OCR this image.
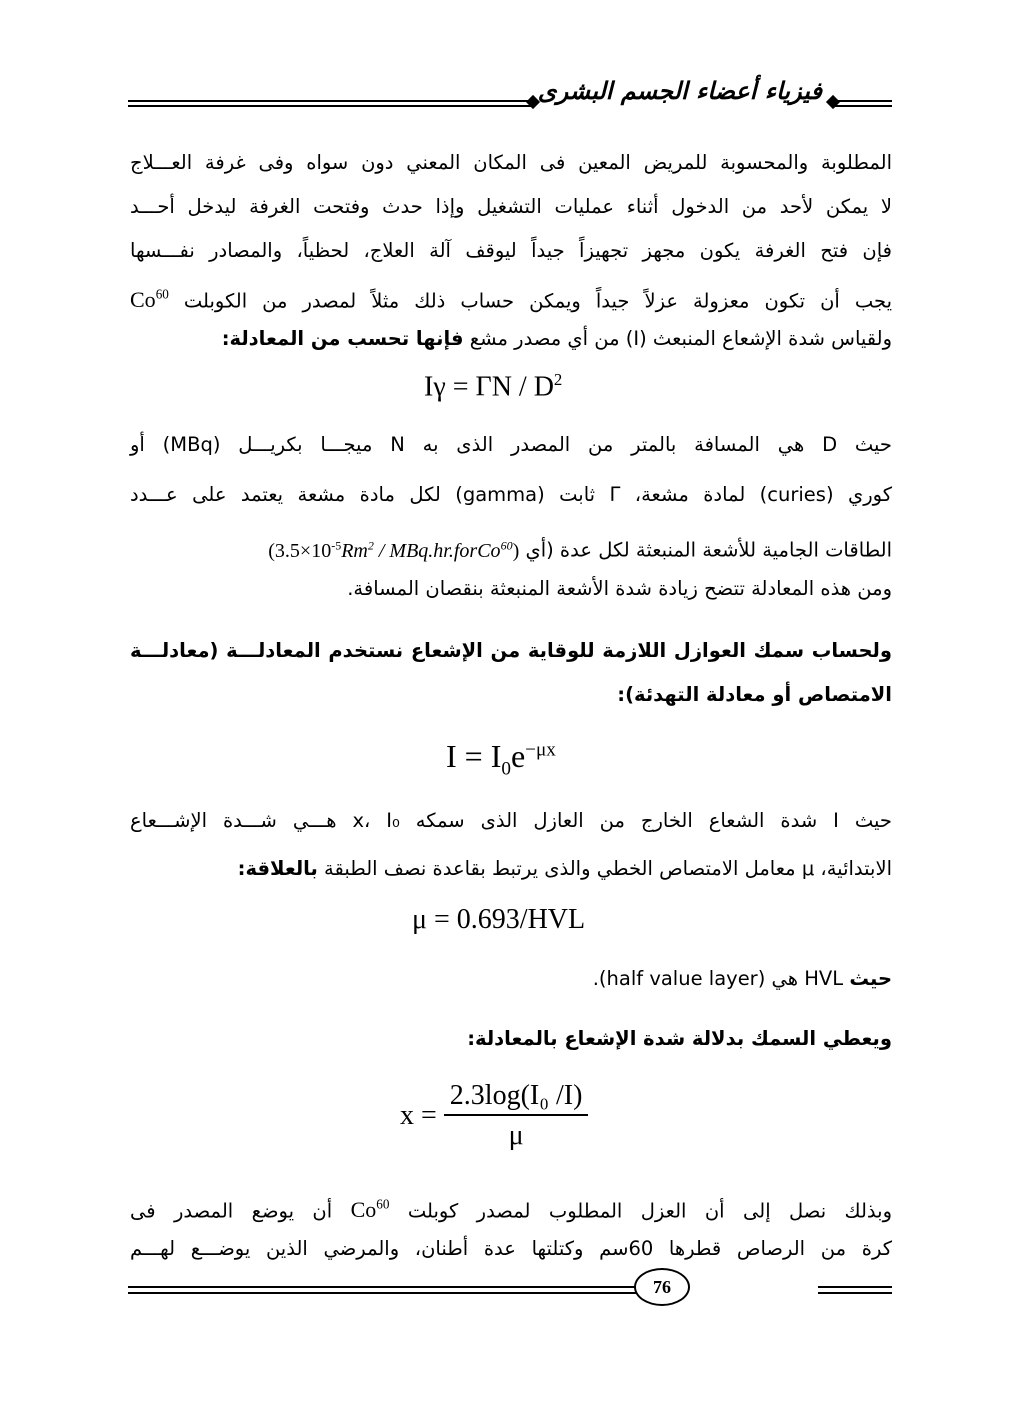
فيزياء أعضاء الجسم البشرى
المطلوبة والمحسوبة للمريض المعين فى المكان المعني دون سواه وفى غرفة العـــلاج
لا يمكن لأحد من الدخول أثناء عمليات التشغيل وإذا حدث وفتحت الغرفة ليدخل أحـــد
فإن فتح الغرفة يكون مجهز تجهيزاً جيداً ليوقف آلة العلاج، لحظياً، والمصادر نفـــسها
يجب أن تكون معزولة عزلاً جيداً ويمكن حساب ذلك مثلاً لمصدر من الكوبلت Co$^{60}$
ولقياس شدة الإشعاع المنبعث (I) من أي مصدر مشع فإنها تحسب من المعادلة:
$I\gamma = \Gamma N / D^2$
حيث D هي المسافة بالمتر من المصدر الذى به N ميجـــا بكريـــل (MBq) أو
كوري (curies) لمادة مشعة، Γ ثابت (gamma) لكل مادة مشعة يعتمد على عـــدد
الطاقات الجامية للأشعة المنبعثة لكل عدة (أي ($3.5\times 10^{-5}Rm^2$ / MBq.hr.forCo$^{60}$)
ومن هذه المعادلة تتضح زيادة شدة الأشعة المنبعثة بنقصان المسافة.
ولحساب سمك العوازل اللازمة للوقاية من الإشعاع نستخدم المعادلـــة (معادلـــة
الامتصاص أو معادلة التهدئة):
$I = I_0e^{-\mu x}$
حيث I شدة الشعاع الخارج من العازل الذى سمكه x، I₀ هـــي شـــدة الإشـــعاع
الابتدائية، μ معامل الامتصاص الخطي والذى يرتبط بقاعدة نصف الطبقة بالعلاقة:
μ = 0.693/HVL
حيث HVL هي (half value layer).
ويعطي السمك بدلالة شدة الإشعاع بالمعادلة:
$x = \frac{\text{2.3log(I₀ /I)}}{\mu}$
وبذلك نصل إلى أن العزل المطلوب لمصدر كوبلت Co$^{60}$ أن يوضع المصدر فى
كرة من الرصاص قطرها 60سم وكتلتها عدة أطنان، والمرضي الذين يوضـــع لهـــم
76
